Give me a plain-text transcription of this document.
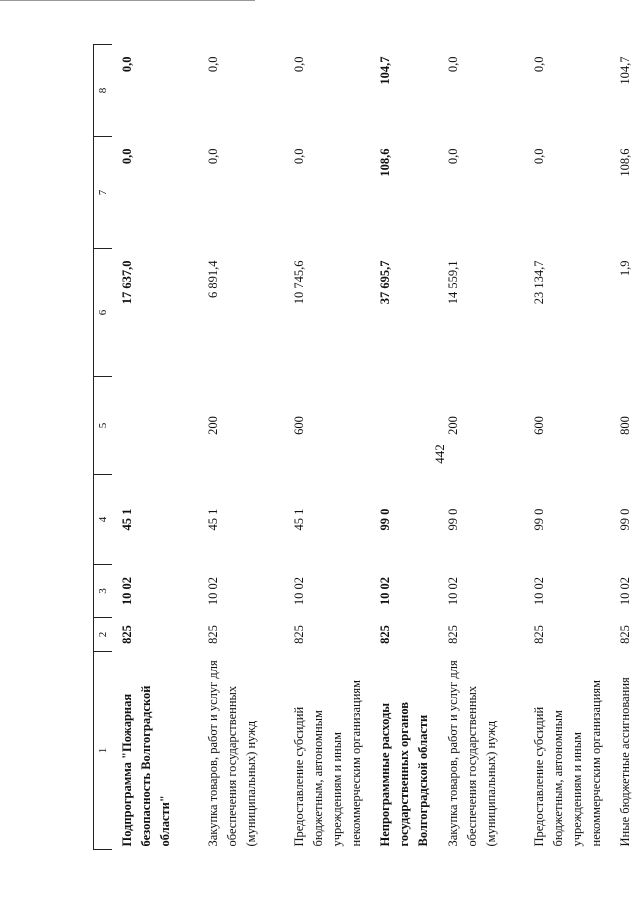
442
1	2	3	4	5	6	7	8
Подпрограмма "Пожарная безопасность Волгоградской области"	825	10 02	45 1		17 637,0	0,0	0,0
Закупка товаров, работ и услуг для обеспечения государственных (муниципальных) нужд	825	10 02	45 1	200	6 891,4	0,0	0,0
Предоставление субсидий бюджетным, автономным учреждениям и иным некоммерческим организациям	825	10 02	45 1	600	10 745,6	0,0	0,0
Непрограммные расходы государственных органов Волгоградской области	825	10 02	99 0		37 695,7	108,6	104,7
Закупка товаров, работ и услуг для обеспечения государственных (муниципальных) нужд	825	10 02	99 0	200	14 559,1	0,0	0,0
Предоставление субсидий бюджетным, автономным учреждениям и иным некоммерческим организациям	825	10 02	99 0	600	23 134,7	0,0	0,0
Иные бюджетные ассигнования	825	10 02	99 0	800	1,9	108,6	104,7
